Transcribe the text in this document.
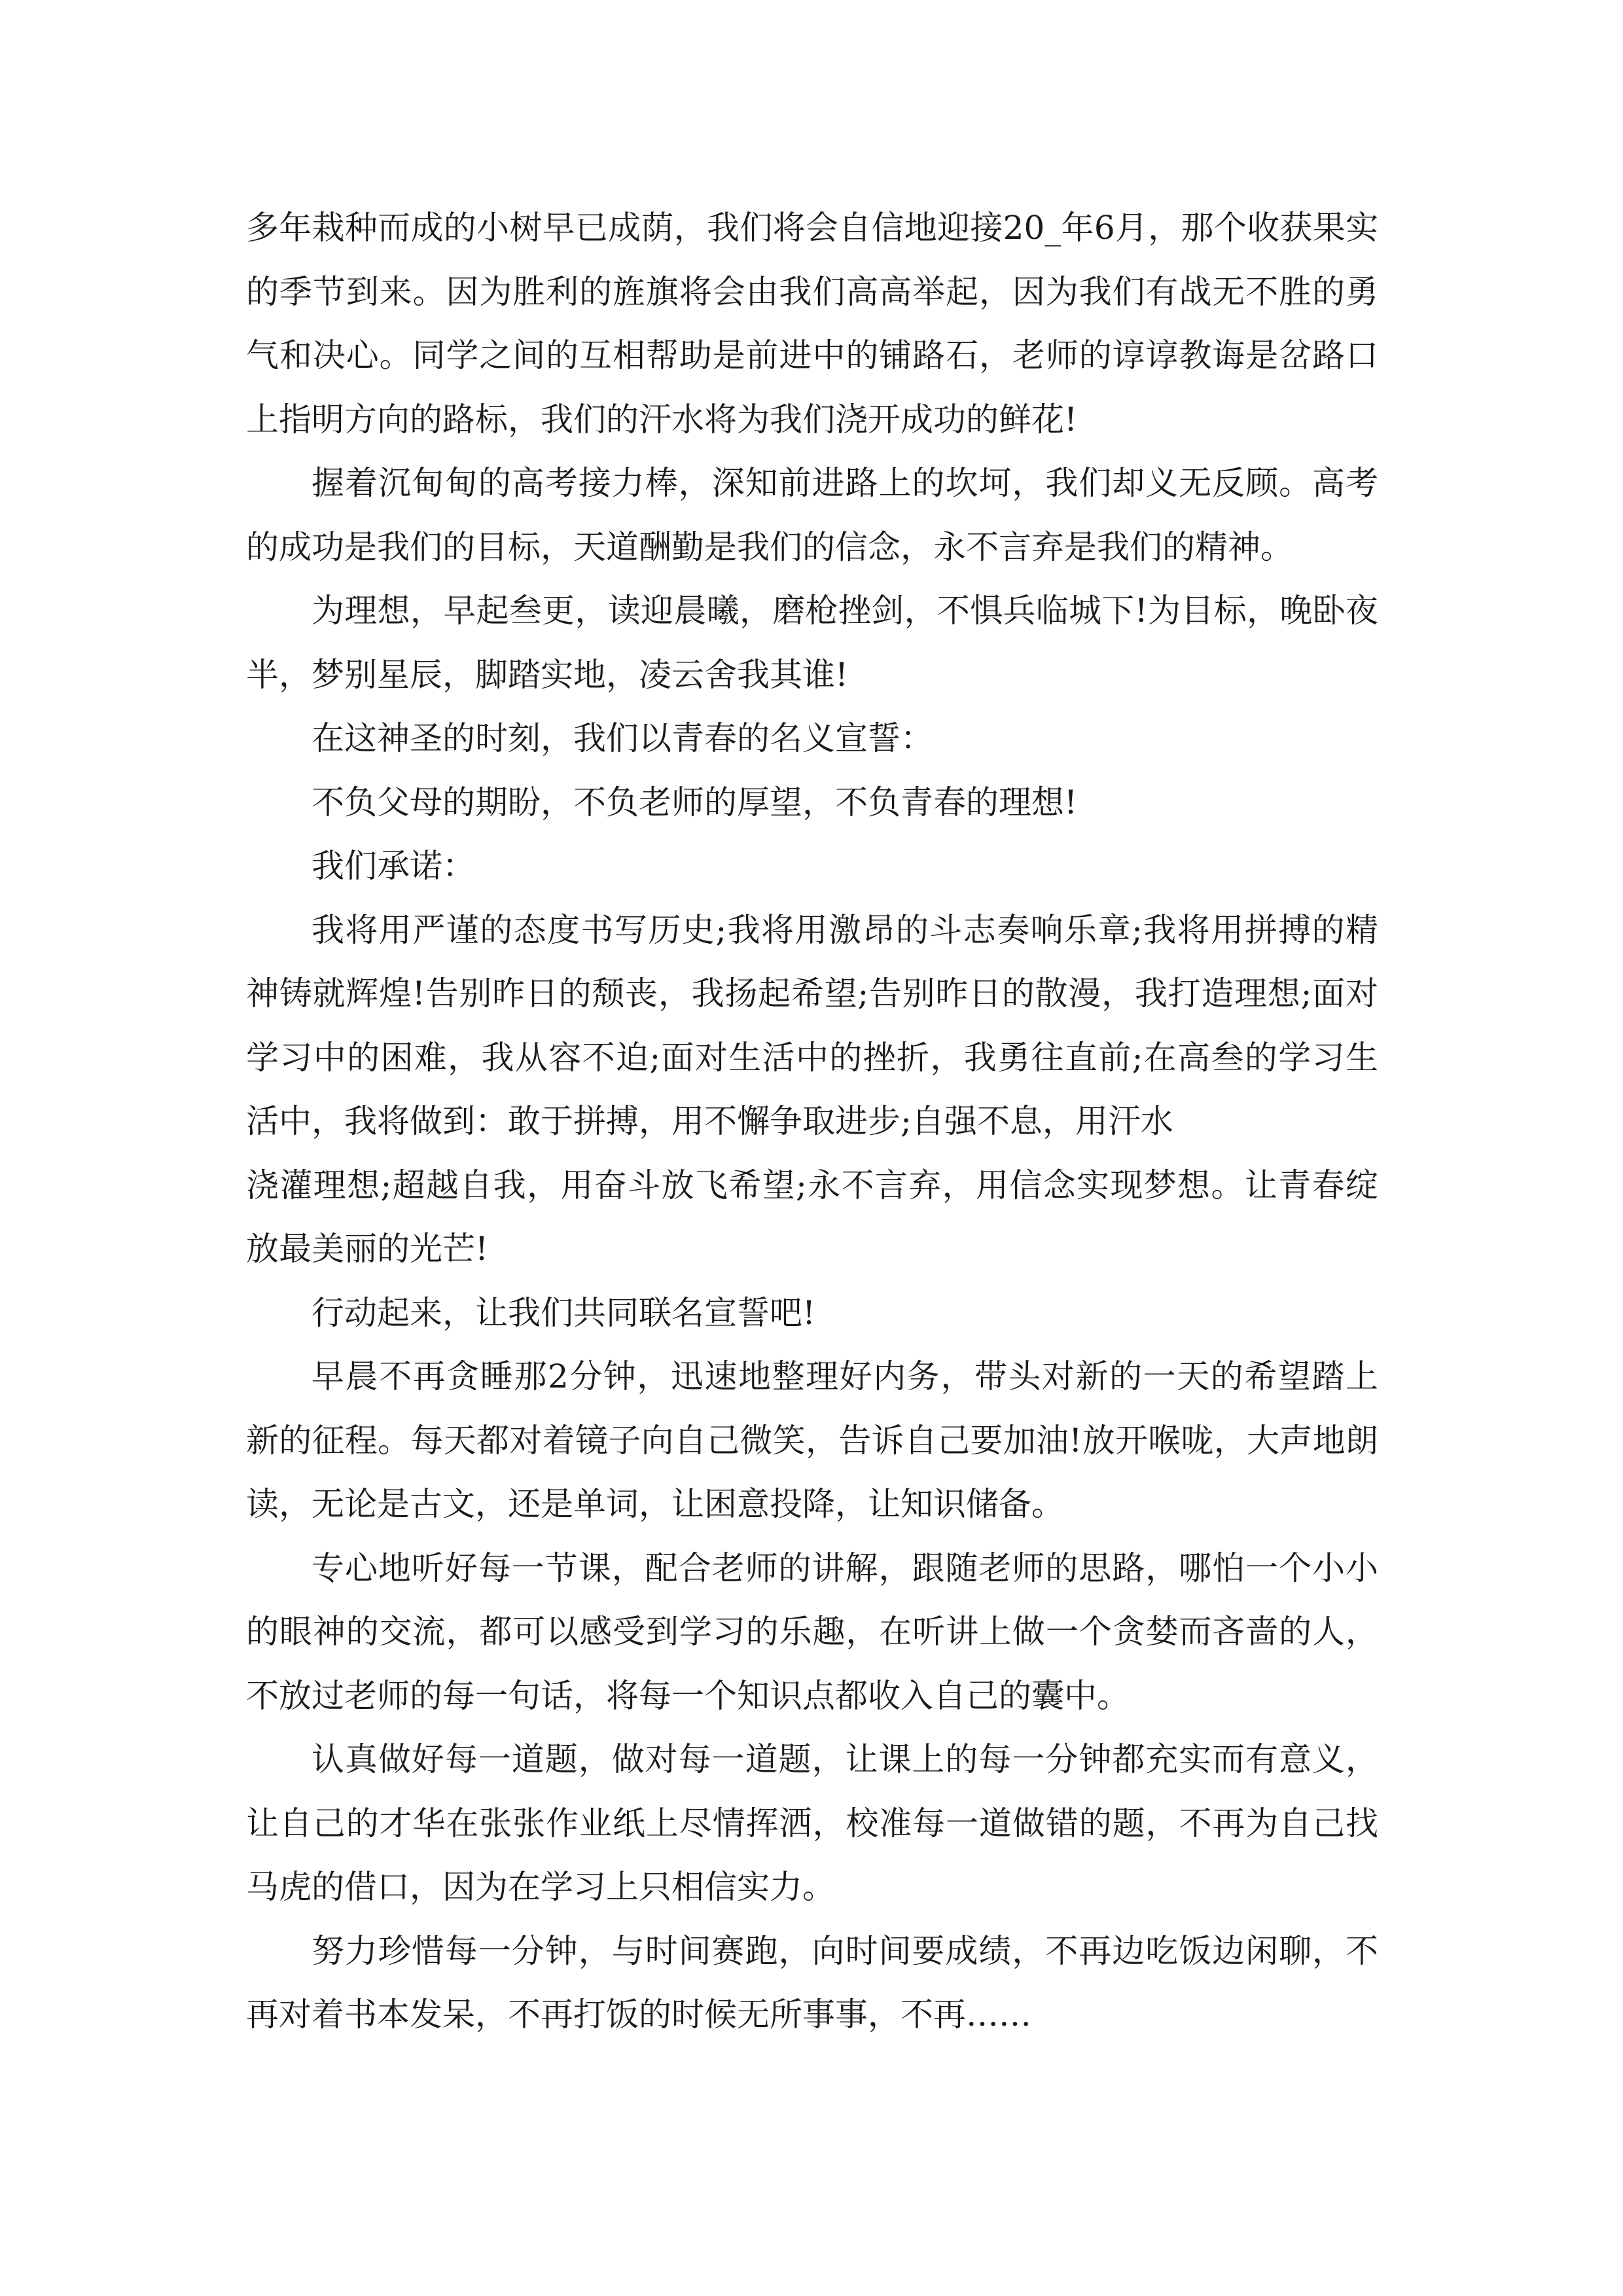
多年栽种而成的小树早已成荫，我们将会自信地迎接20_年6月，那个收获果实的季节到来。因为胜利的旌旗将会由我们高高举起，因为我们有战无不胜的勇气和决心。同学之间的互相帮助是前进中的铺路石，老师的谆谆教诲是岔路口上指明方向的路标，我们的汗水将为我们浇开成功的鲜花!

握着沉甸甸的高考接力棒，深知前进路上的坎坷，我们却义无反顾。高考的成功是我们的目标，天道酬勤是我们的信念，永不言弃是我们的精神。

为理想，早起叁更，读迎晨曦，磨枪挫剑，不惧兵临城下!为目标，晚卧夜半，梦别星辰，脚踏实地，凌云舍我其谁!

在这神圣的时刻，我们以青春的名义宣誓：

不负父母的期盼，不负老师的厚望，不负青春的理想!

我们承诺：

我将用严谨的态度书写历史;我将用激昂的斗志奏响乐章;我将用拼搏的精神铸就辉煌!告别昨日的颓丧，我扬起希望;告别昨日的散漫，我打造理想;面对学习中的困难，我从容不迫;面对生活中的挫折，我勇往直前;在高叁的学习生活中，我将做到：敢于拼搏，用不懈争取进步;自强不息，用汗水

浇灌理想;超越自我，用奋斗放飞希望;永不言弃，用信念实现梦想。让青春绽放最美丽的光芒!

行动起来，让我们共同联名宣誓吧!

早晨不再贪睡那2分钟，迅速地整理好内务，带头对新的一天的希望踏上新的征程。每天都对着镜子向自己微笑，告诉自己要加油!放开喉咙，大声地朗读，无论是古文，还是单词，让困意投降，让知识储备。

专心地听好每一节课，配合老师的讲解，跟随老师的思路，哪怕一个小小的眼神的交流，都可以感受到学习的乐趣，在听讲上做一个贪婪而吝啬的人，不放过老师的每一句话，将每一个知识点都收入自己的囊中。

认真做好每一道题，做对每一道题，让课上的每一分钟都充实而有意义，让自己的才华在张张作业纸上尽情挥洒，校准每一道做错的题，不再为自己找马虎的借口，因为在学习上只相信实力。

努力珍惜每一分钟，与时间赛跑，向时间要成绩，不再边吃饭边闲聊，不再对着书本发呆，不再打饭的时候无所事事，不再……
